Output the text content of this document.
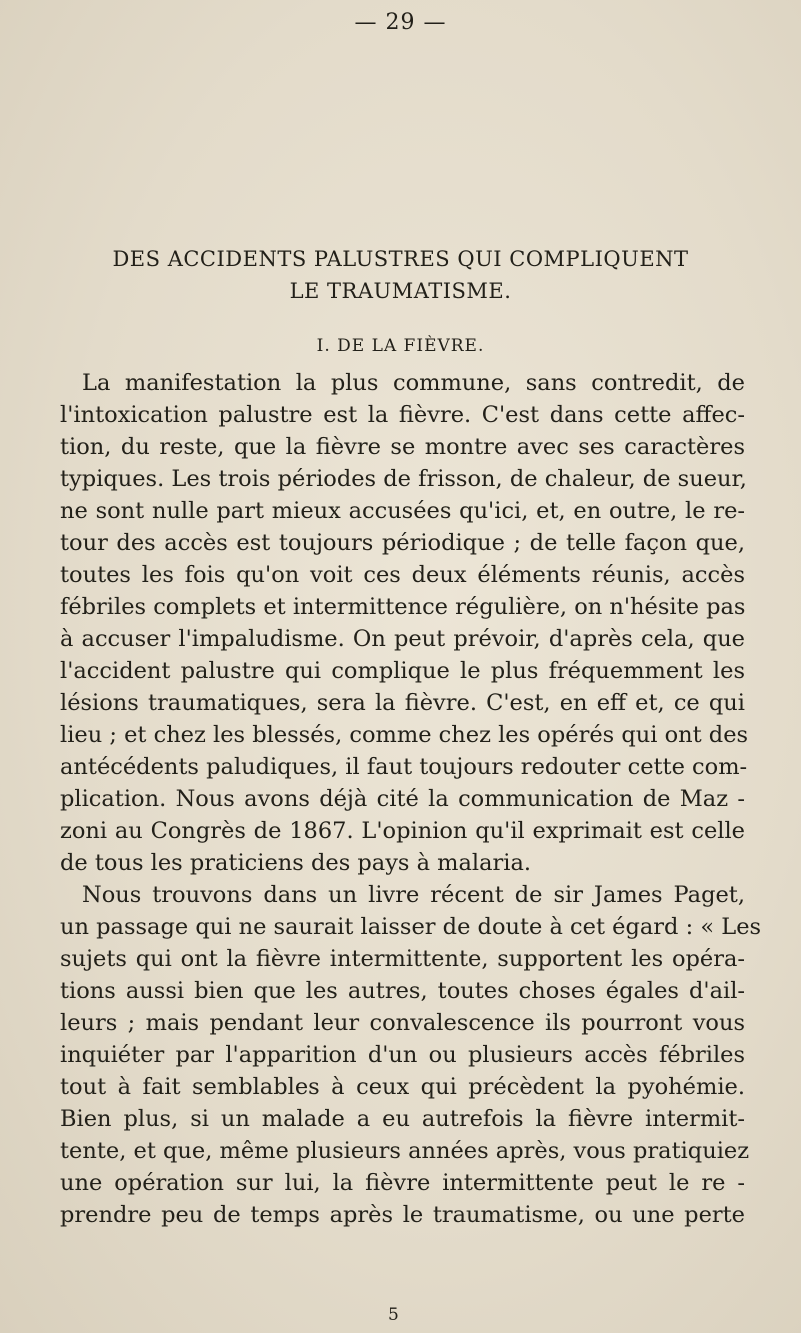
— 29 —
DES ACCIDENTS PALUSTRES QUI COMPLIQUENT
LE TRAUMATISME.
I. DE LA FIÈVRE.
La manifestation la plus commune, sans contredit, de
l'intoxication palustre est la fièvre. C'est dans cette affec-
tion, du reste, que la fièvre se montre avec ses caractères
typiques. Les trois périodes de frisson, de chaleur, de sueur,
ne sont nulle part mieux accusées qu'ici, et, en outre, le re-
tour des accès est toujours périodique ; de telle façon que,
toutes les fois qu'on voit ces deux éléments réunis, accès
fébriles complets et intermittence régulière, on n'hésite pas
à accuser l'impaludisme. On peut prévoir, d'après cela, que
l'accident palustre qui complique le plus fréquemment les
lésions traumatiques, sera la fièvre. C'est, en eff et, ce qui
lieu ; et chez les blessés, comme chez les opérés qui ont des
antécédents paludiques, il faut toujours redouter cette com-
plication. Nous avons déjà cité la communication de Maz -
zoni au Congrès de 1867. L'opinion qu'il exprimait est celle
de tous les praticiens des pays à malaria.
Nous trouvons dans un livre récent de sir James Paget,
un passage qui ne saurait laisser de doute à cet égard : « Les
sujets qui ont la fièvre intermittente, supportent les opéra-
tions aussi bien que les autres, toutes choses égales d'ail-
leurs ; mais pendant leur convalescence ils pourront vous
inquiéter par l'apparition d'un ou plusieurs accès fébriles
tout à fait semblables à ceux qui précèdent la pyohémie.
Bien plus, si un malade a eu autrefois la fièvre intermit-
tente, et que, même plusieurs années après, vous pratiquiez
une opération sur lui, la fièvre intermittente peut le re -
prendre peu de temps après le traumatisme, ou une perte
5
